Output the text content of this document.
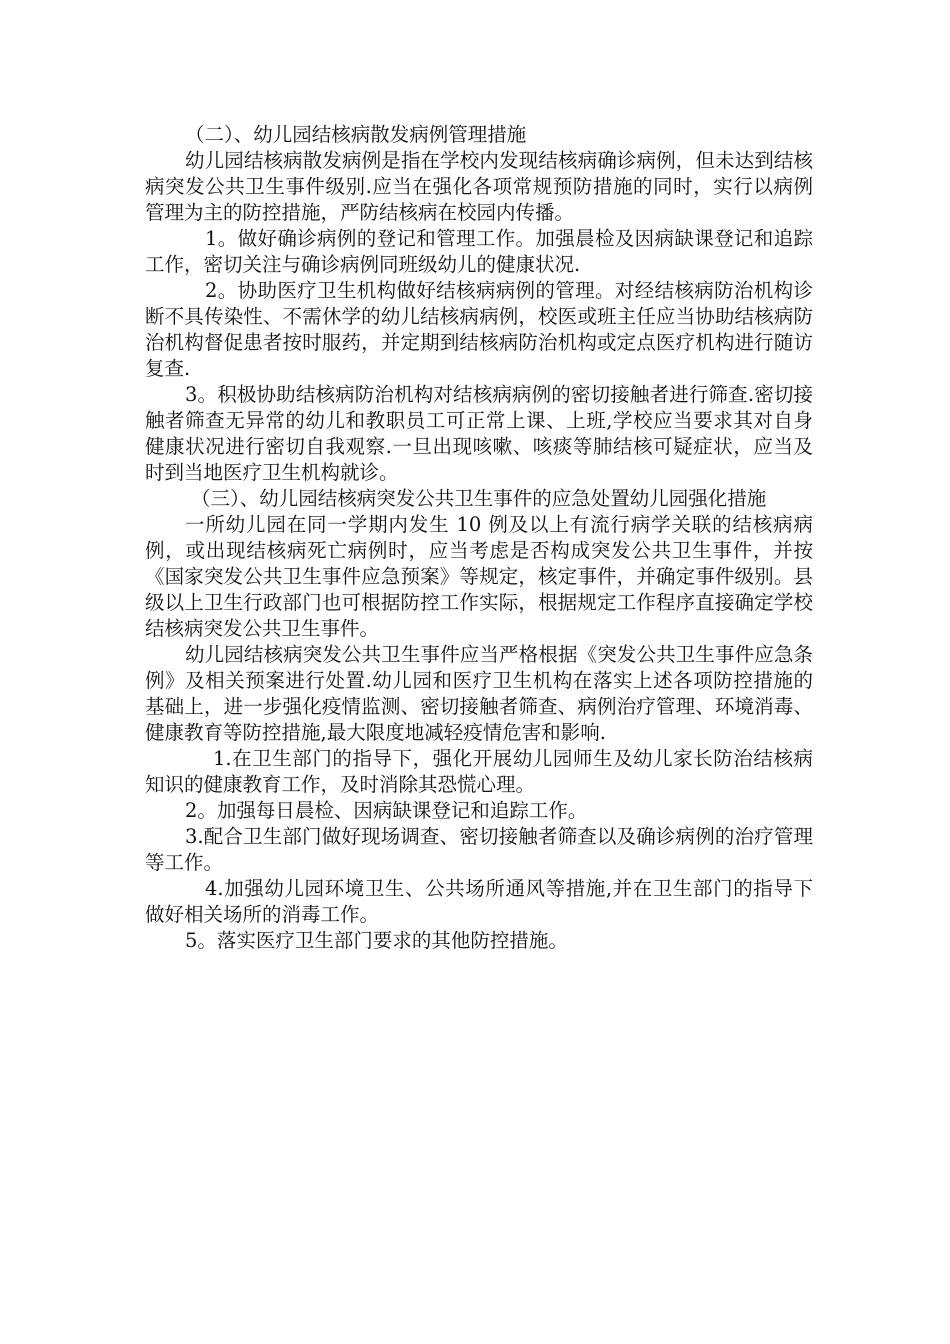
（二）、幼儿园结核病散发病例管理措施

幼儿园结核病散发病例是指在学校内发现结核病确诊病例，但未达到结核病突发公共卫生事件级别.应当在强化各项常规预防措施的同时，实行以病例管理为主的防控措施，严防结核病在校园内传播。

1。做好确诊病例的登记和管理工作。加强晨检及因病缺课登记和追踪工作，密切关注与确诊病例同班级幼儿的健康状况.

2。协助医疗卫生机构做好结核病病例的管理。对经结核病防治机构诊断不具传染性、不需休学的幼儿结核病病例，校医或班主任应当协助结核病防治机构督促患者按时服药，并定期到结核病防治机构或定点医疗机构进行随访复查.

3。积极协助结核病防治机构对结核病病例的密切接触者进行筛查.密切接触者筛查无异常的幼儿和教职员工可正常上课、上班,学校应当要求其对自身健康状况进行密切自我观察.一旦出现咳嗽、咳痰等肺结核可疑症状，应当及时到当地医疗卫生机构就诊。

（三）、幼儿园结核病突发公共卫生事件的应急处置幼儿园强化措施

一所幼儿园在同一学期内发生 10 例及以上有流行病学关联的结核病病例，或出现结核病死亡病例时，应当考虑是否构成突发公共卫生事件，并按《国家突发公共卫生事件应急预案》等规定，核定事件，并确定事件级别。县级以上卫生行政部门也可根据防控工作实际，根据规定工作程序直接确定学校结核病突发公共卫生事件。

幼儿园结核病突发公共卫生事件应当严格根据《突发公共卫生事件应急条例》及相关预案进行处置.幼儿园和医疗卫生机构在落实上述各项防控措施的基础上，进一步强化疫情监测、密切接触者筛查、病例治疗管理、环境消毒、健康教育等防控措施,最大限度地减轻疫情危害和影响.

1.在卫生部门的指导下，强化开展幼儿园师生及幼儿家长防治结核病知识的健康教育工作，及时消除其恐慌心理。

2。加强每日晨检、因病缺课登记和追踪工作。

3.配合卫生部门做好现场调查、密切接触者筛查以及确诊病例的治疗管理等工作。

4.加强幼儿园环境卫生、公共场所通风等措施,并在卫生部门的指导下做好相关场所的消毒工作。

5。落实医疗卫生部门要求的其他防控措施。
